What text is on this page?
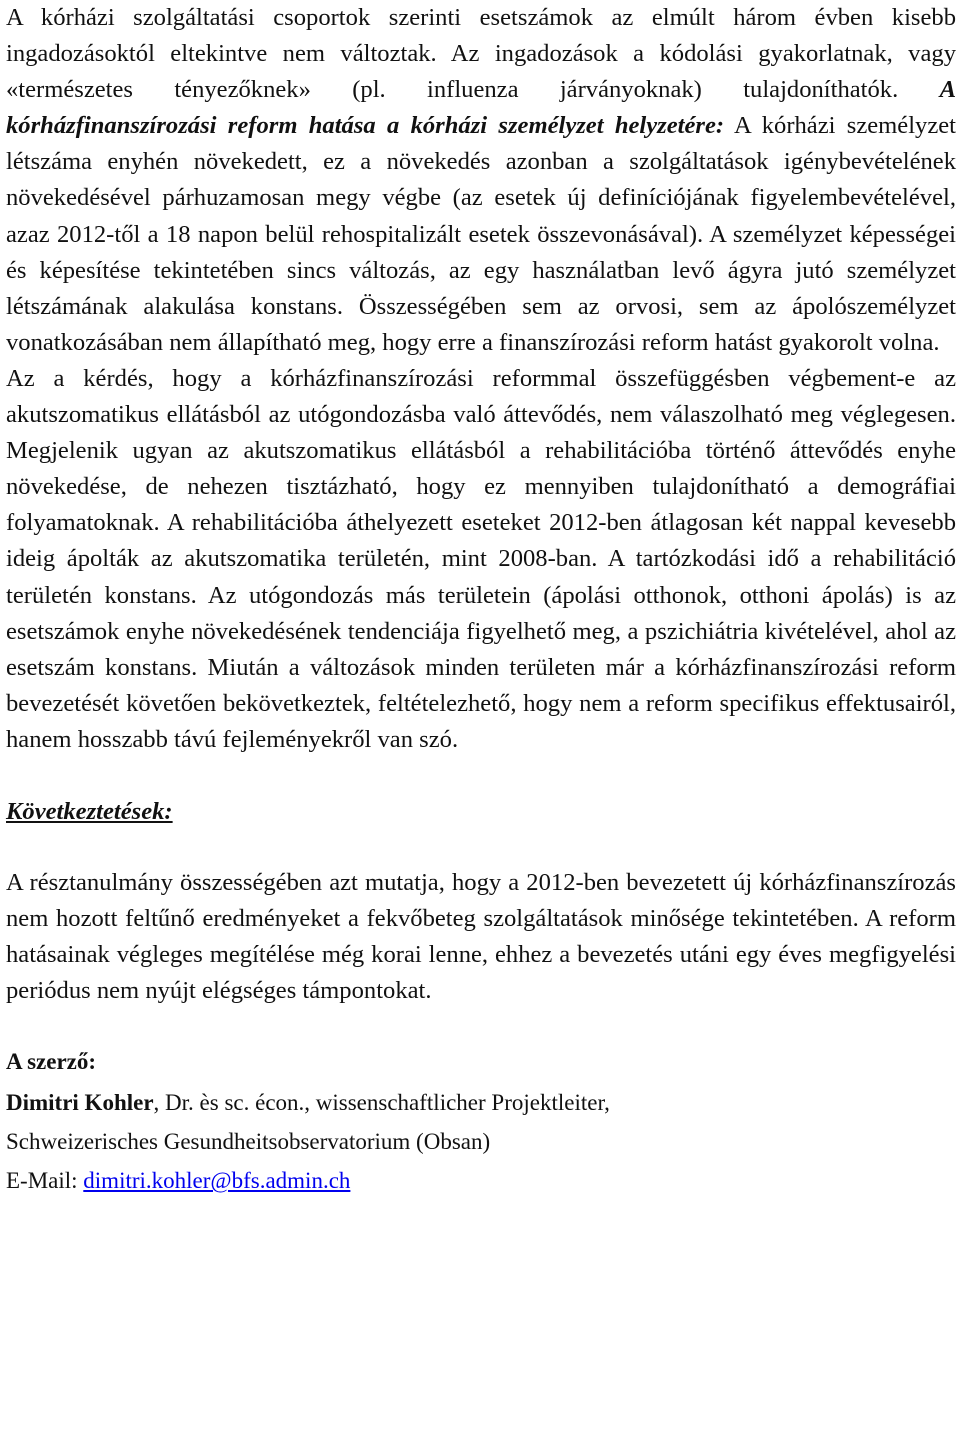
A kórházi szolgáltatási csoportok szerinti esetszámok az elmúlt három évben kisebb ingadozásoktól eltekintve nem változtak. Az ingadozások a kódolási gyakorlatnak, vagy «természetes tényezőknek» (pl. influenza járványoknak) tulajdoníthatók. A kórházfinanszírozási reform hatása a kórházi személyzet helyzetére: A kórházi személyzet létszáma enyhén növekedett, ez a növekedés azonban a szolgáltatások igénybevételének növekedésével párhuzamosan megy végbe (az esetek új definíciójának figyelembevételével, azaz 2012-től a 18 napon belül rehospitalizált esetek összevonásával). A személyzet képességei és képesítése tekintetében sincs változás, az egy használatban levő ágyra jutó személyzet létszámának alakulása konstans. Összességében sem az orvosi, sem az ápolószemélyzet vonatkozásában nem állapítható meg, hogy erre a finanszírozási reform hatást gyakorolt volna.

Az a kérdés, hogy a kórházfinanszírozási reformmal összefüggésben végbement-e az akutszomatikus ellátásból az utógondozásba való áttevődés, nem válaszolható meg véglegesen. Megjelenik ugyan az akutszomatikus ellátásból a rehabilitációba történő áttevődés enyhe növekedése, de nehezen tisztázható, hogy ez mennyiben tulajdonítható a demográfiai folyamatoknak. A rehabilitációba áthelyezett eseteket 2012-ben átlagosan két nappal kevesebb ideig ápolták az akutszomatika területén, mint 2008-ban. A tartózkodási idő a rehabilitáció területén konstans. Az utógondozás más területein (ápolási otthonok, otthoni ápolás) is az esetszámok enyhe növekedésének tendenciája figyelhető meg, a pszichiátria kivételével, ahol az esetszám konstans. Miután a változások minden területen már a kórházfinanszírozási reform bevezetését követően bekövetkeztek, feltételezhető, hogy nem a reform specifikus effektusairól, hanem hosszabb távú fejleményekről van szó.

Következtetések:

A résztanulmány összességében azt mutatja, hogy a 2012-ben bevezetett új kórházfinanszírozás nem hozott feltűnő eredményeket a fekvőbeteg szolgáltatások minősége tekintetében. A reform hatásainak végleges megítélése még korai lenne, ehhez a bevezetés utáni egy éves megfigyelési periódus nem nyújt elégséges támpontokat.

A szerző:

Dimitri Kohler, Dr. ès sc. écon., wissenschaftlicher Projektleiter,

Schweizerisches Gesundheitsobservatorium (Obsan)

E-Mail: dimitri.kohler@bfs.admin.ch
